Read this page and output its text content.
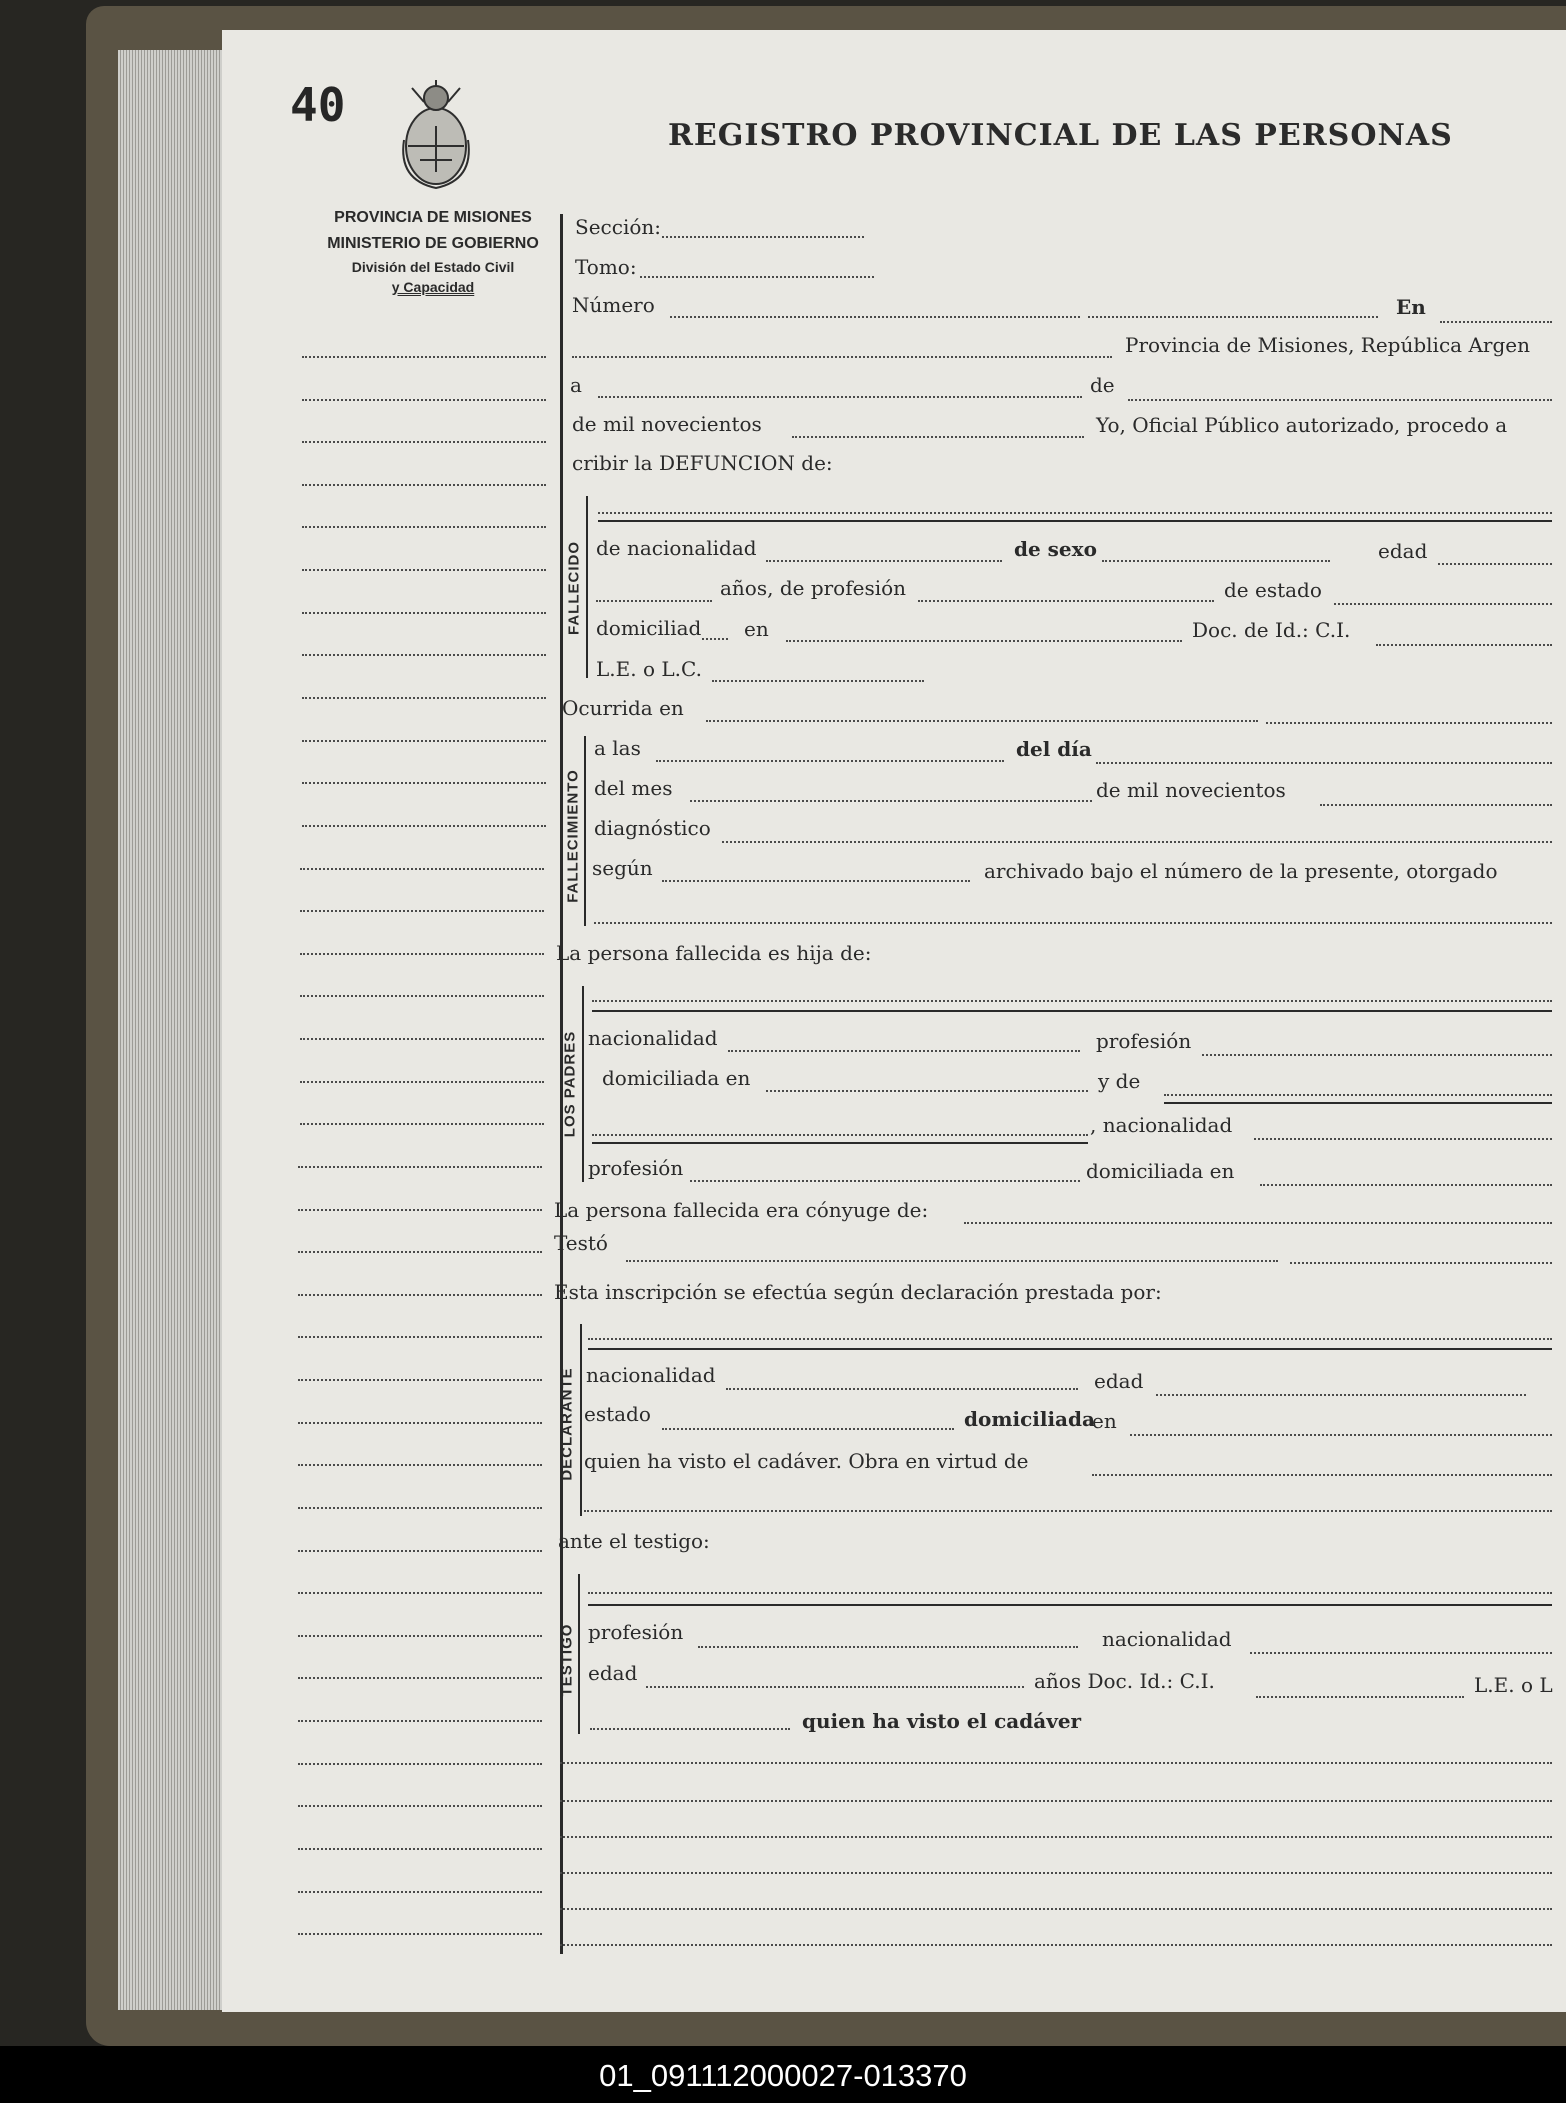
40
REGISTRO PROVINCIAL DE LAS PERSONAS
PROVINCIA DE MISIONES
MINISTERIO DE GOBIERNO
División del Estado Civil
y Capacidad
Sección:
Tomo:
Número	En
Provincia de Misiones, República Argen
a	de
de mil novecientos	Yo, Oficial Público autorizado, procedo a
cribir la DEFUNCION de:
FALLECIDO de nacionalidad	de sexo	edad
años, de profesión	de estado
domiciliad en	Doc. de Id.: C.I.
L.E. o L.C.
Ocurrida en
FALLECIMIENTO
a las	del día
del mes	de mil novecientos
diagnóstico
según	archivado bajo el número de la presente, otorgado
La persona fallecida es hija de:
LOS PADRES nacionalidad	profesión
domiciliada en	y de
, nacionalidad
profesión	domiciliada en
La persona fallecida era cónyuge de:
Testó
Esta inscripción se efectúa según declaración prestada por:
DECLARANTE nacionalidad	edad
estado	domiciliada
en
quien ha visto el cadáver. Obra en virtud de
ante el testigo:
TESTIGO profesión	nacionalidad
edad	años Doc. Id.: C.I.	L.E. o L
quien ha visto el cadáver
01_091112000027-013370
